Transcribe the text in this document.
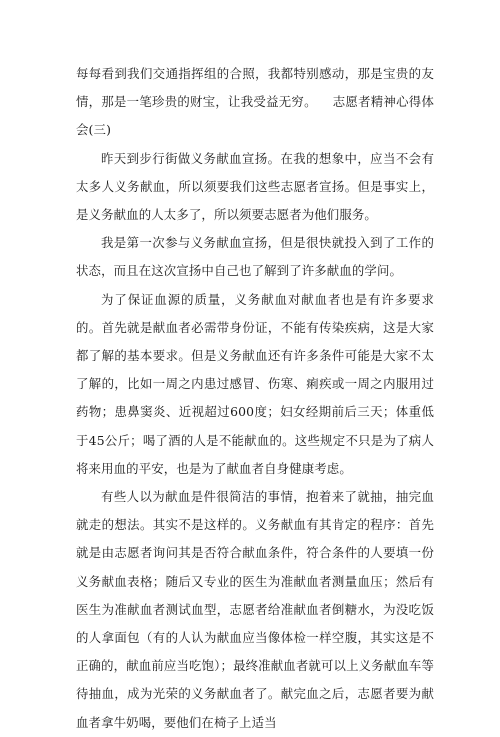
每每看到我们交通指挥组的合照，我都特别感动，那是宝贵的友情，那是一笔珍贵的财宝，让我受益无穷。 志愿者精神心得体会(三)

昨天到步行街做义务献血宣扬。在我的想象中，应当不会有太多人义务献血，所以须要我们这些志愿者宣扬。但是事实上，是义务献血的人太多了，所以须要志愿者为他们服务。

我是第一次参与义务献血宣扬，但是很快就投入到了工作的状态，而且在这次宣扬中自己也了解到了许多献血的学问。

为了保证血源的质量，义务献血对献血者也是有许多要求的。首先就是献血者必需带身份证，不能有传染疾病，这是大家都了解的基本要求。但是义务献血还有许多条件可能是大家不太了解的，比如一周之内患过感冒、伤寒、痢疾或一周之内服用过药物；患鼻窦炎、近视超过600度；妇女经期前后三天；体重低于45公斤；喝了酒的人是不能献血的。这些规定不只是为了病人将来用血的平安，也是为了献血者自身健康考虑。

有些人以为献血是件很简洁的事情，抱着来了就抽，抽完血就走的想法。其实不是这样的。义务献血有其肯定的程序：首先就是由志愿者询问其是否符合献血条件，符合条件的人要填一份义务献血表格；随后又专业的医生为准献血者测量血压；然后有医生为准献血者测试血型，志愿者给准献血者倒糖水，为没吃饭的人拿面包（有的人认为献血应当像体检一样空腹，其实这是不正确的，献血前应当吃饱）；最终准献血者就可以上义务献血车等待抽血，成为光荣的义务献血者了。献完血之后，志愿者要为献血者拿牛奶喝，要他们在椅子上适当
